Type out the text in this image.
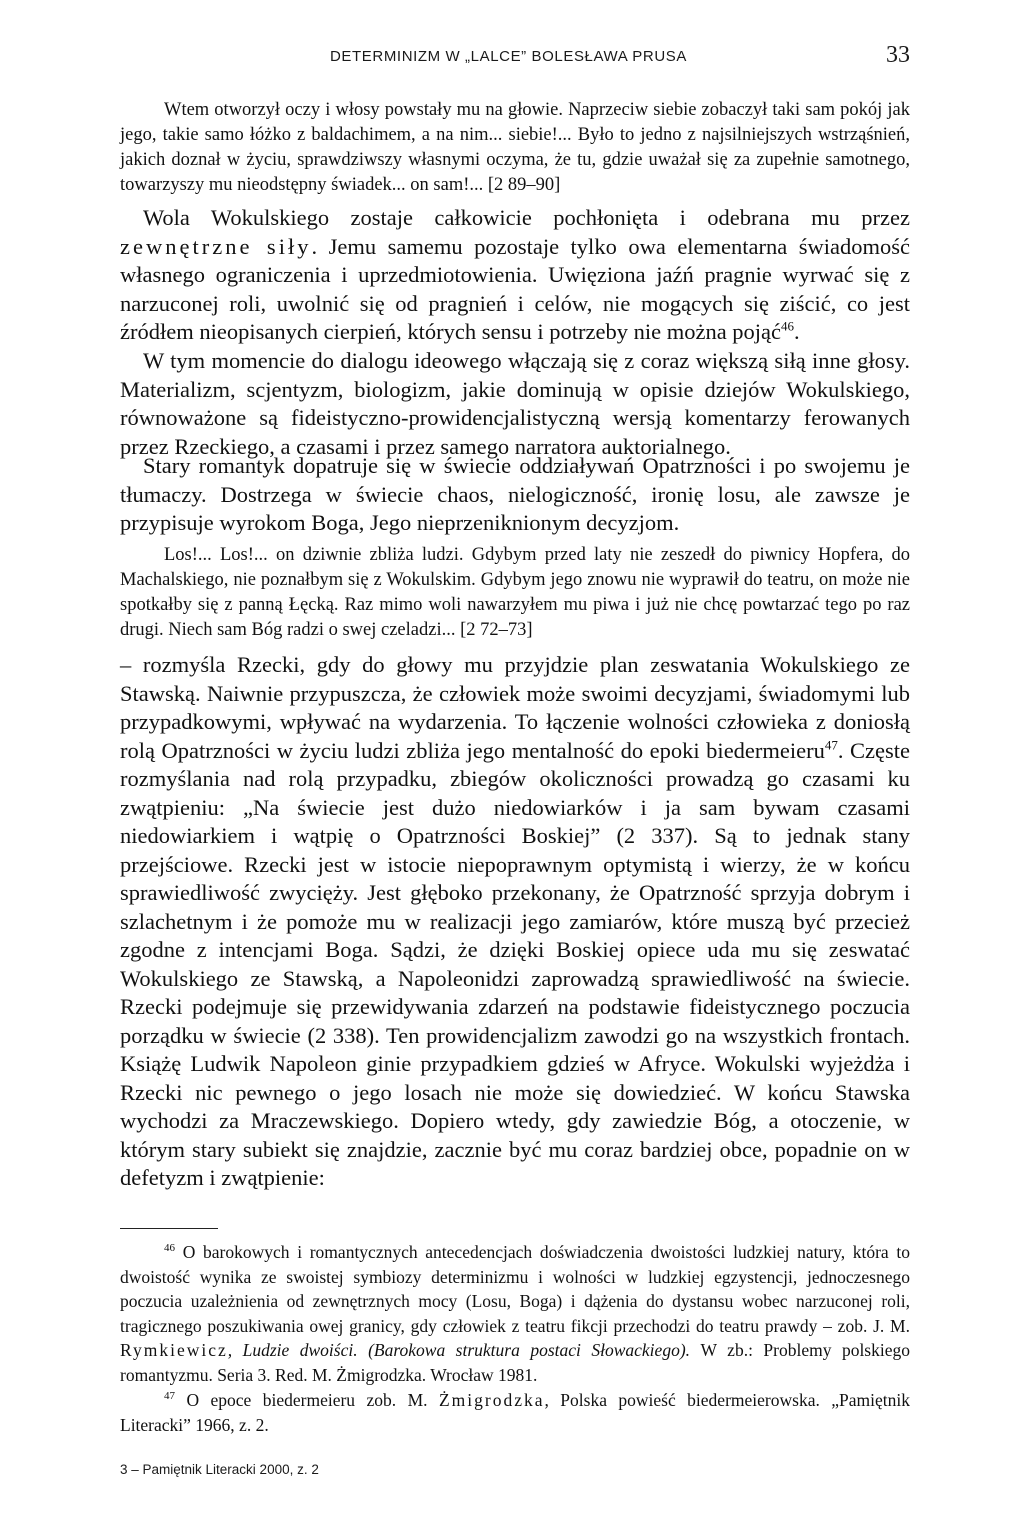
DETERMINIZM W „LALCE” BOLESŁAWA PRUSA	33

Wtem otworzył oczy i włosy powstały mu na głowie. Naprzeciw siebie zobaczył taki sam pokój jak jego, takie samo łóżko z baldachimem, a na nim... siebie!... Było to jedno z najsilniejszych wstrząśnień, jakich doznał w życiu, sprawdziwszy własnymi oczyma, że tu, gdzie uważał się za zupełnie samotnego, towarzyszy mu nieodstępny świadek... on sam!... [2 89–90]

Wola Wokulskiego zostaje całkowicie pochłonięta i odebrana mu przez zewnętrzne siły. Jemu samemu pozostaje tylko owa elementarna świadomość własnego ograniczenia i uprzedmiotowienia. Uwięziona jaźń pragnie wyrwać się z narzuconej roli, uwolnić się od pragnień i celów, nie mogących się ziścić, co jest źródłem nieopisanych cierpień, których sensu i potrzeby nie można pojąć$^{46}$.

W tym momencie do dialogu ideowego włączają się z coraz większą siłą inne głosy. Materializm, scjentyzm, biologizm, jakie dominują w opisie dziejów Wokulskiego, równoważone są fideistyczno-prowidencjalistyczną wersją komentarzy ferowanych przez Rzeckiego, a czasami i przez samego narratora auktorialnego.

Stary romantyk dopatruje się w świecie oddziaływań Opatrzności i po swojemu je tłumaczy. Dostrzega w świecie chaos, nielogiczność, ironię losu, ale zawsze je przypisuje wyrokom Boga, Jego nieprzeniknionym decyzjom.

Los!... Los!... on dziwnie zbliża ludzi. Gdybym przed laty nie zeszedł do piwnicy Hopfera, do Machalskiego, nie poznałbym się z Wokulskim. Gdybym jego znowu nie wyprawił do teatru, on może nie spotkałby się z panną Łęcką. Raz mimo woli nawarzyłem mu piwa i już nie chcę powtarzać tego po raz drugi. Niech sam Bóg radzi o swej czeladzi... [2 72–73]

– rozmyśla Rzecki, gdy do głowy mu przyjdzie plan zeswatania Wokulskiego ze Stawską. Naiwnie przypuszcza, że człowiek może swoimi decyzjami, świadomymi lub przypadkowymi, wpływać na wydarzenia. To łączenie wolności człowieka z doniosłą rolą Opatrzności w życiu ludzi zbliża jego mentalność do epoki biedermeieru$^{47}$. Częste rozmyślania nad rolą przypadku, zbiegów okoliczności prowadzą go czasami ku zwątpieniu: „Na świecie jest dużo niedowiarków i ja sam bywam czasami niedowiarkiem i wątpię o Opatrzności Boskiej” (2 337). Są to jednak stany przejściowe. Rzecki jest w istocie niepoprawnym optymistą i wierzy, że w końcu sprawiedliwość zwycięży. Jest głęboko przekonany, że Opatrzność sprzyja dobrym i szlachetnym i że pomoże mu w realizacji jego zamiarów, które muszą być przecież zgodne z intencjami Boga. Sądzi, że dzięki Boskiej opiece uda mu się zeswatać Wokulskiego ze Stawską, a Napoleonidzi zaprowadzą sprawiedliwość na świecie. Rzecki podejmuje się przewidywania zdarzeń na podstawie fideistycznego poczucia porządku w świecie (2 338). Ten prowidencjalizm zawodzi go na wszystkich frontach. Książę Ludwik Napoleon ginie przypadkiem gdzieś w Afryce. Wokulski wyjeżdża i Rzecki nic pewnego o jego losach nie może się dowiedzieć. W końcu Stawska wychodzi za Mraczewskiego. Dopiero wtedy, gdy zawiedzie Bóg, a otoczenie, w którym stary subiekt się znajdzie, zacznie być mu coraz bardziej obce, popadnie on w defetyzm i zwątpienie:

$^{46}$ O barokowych i romantycznych antecedencjach doświadczenia dwoistości ludzkiej natury, która to dwoistość wynika ze swoistej symbiozy determinizmu i wolności w ludzkiej egzystencji, jednoczesnego poczucia uzależnienia od zewnętrznych mocy (Losu, Boga) i dążenia do dystansu wobec narzuconej roli, tragicznego poszukiwania owej granicy, gdy człowiek z teatru fikcji przechodzi do teatru prawdy – zob. J. M. Rymkiewicz, Ludzie dwoiści. (Barokowa struktura postaci Słowackiego). W zb.: Problemy polskiego romantyzmu. Seria 3. Red. M. Żmigrodzka. Wrocław 1981.

$^{47}$ O epoce biedermeieru zob. M. Żmigrodzka, Polska powieść biedermeierowska. „Pamiętnik Literacki” 1966, z. 2.

3 – Pamiętnik Literacki 2000, z. 2
